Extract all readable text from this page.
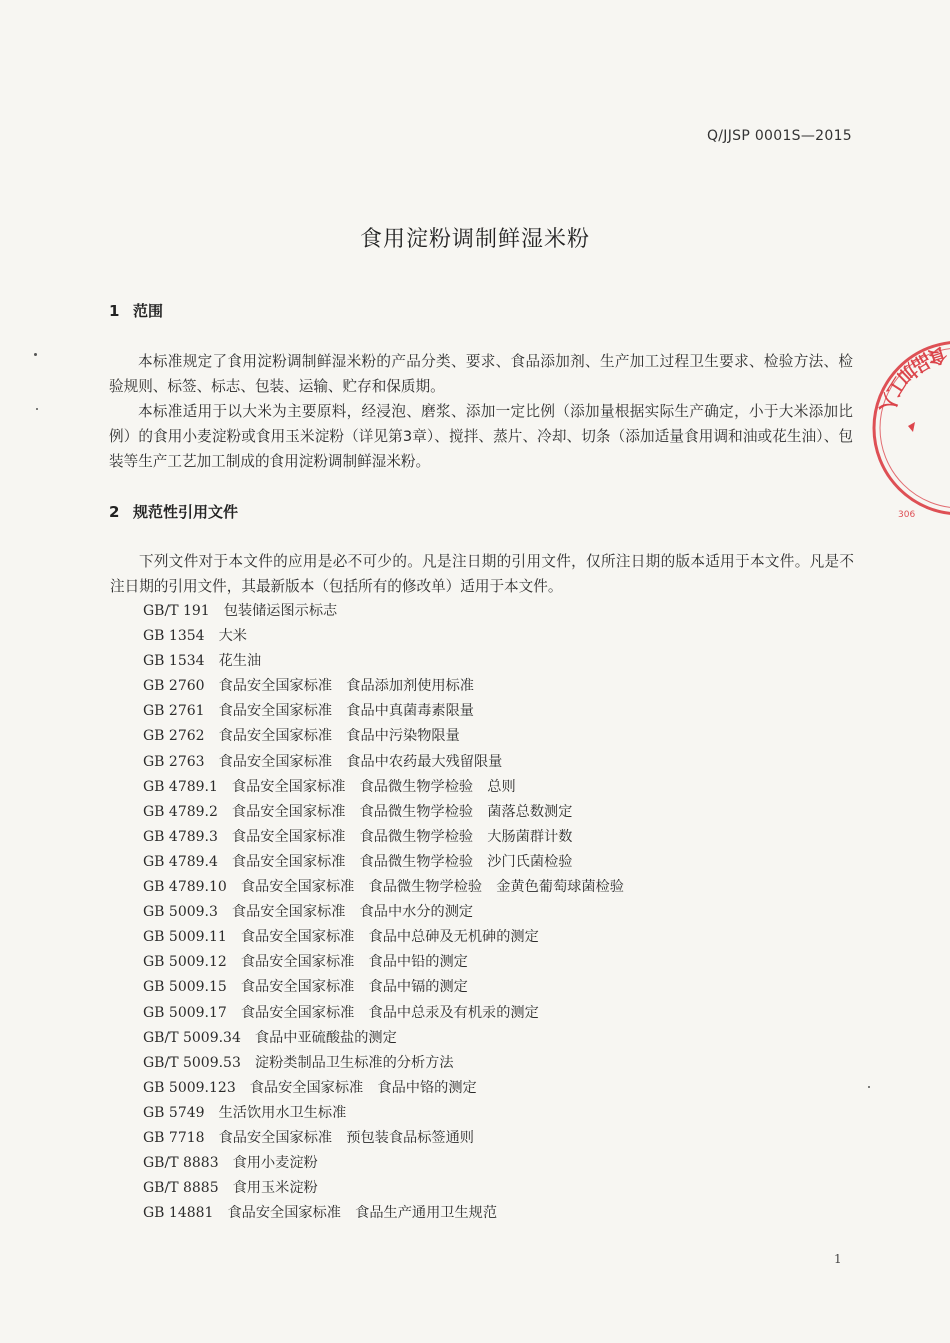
Q/JJSP 0001S—2015
食用淀粉调制鲜湿米粉
1 范围
本标准规定了食用淀粉调制鲜湿米粉的产品分类、要求、食品添加剂、生产加工过程卫生要求、检验方法、检验规则、标签、标志、包装、运输、贮存和保质期。
本标准适用于以大米为主要原料，经浸泡、磨浆、添加一定比例（添加量根据实际生产确定，小于大米添加比例）的食用小麦淀粉或食用玉米淀粉（详见第3章）、搅拌、蒸片、冷却、切条（添加适量食用调和油或花生油）、包装等生产工艺加工制成的食用淀粉调制鲜湿米粉。
2 规范性引用文件
下列文件对于本文件的应用是必不可少的。凡是注日期的引用文件，仅所注日期的版本适用于本文件。凡是不注日期的引用文件，其最新版本（包括所有的修改单）适用于本文件。
GB/T 191 包装储运图示标志
GB 1354 大米
GB 1534 花生油
GB 2760 食品安全国家标准　食品添加剂使用标准
GB 2761 食品安全国家标准　食品中真菌毒素限量
GB 2762 食品安全国家标准　食品中污染物限量
GB 2763 食品安全国家标准　食品中农药最大残留限量
GB 4789.1 食品安全国家标准　食品微生物学检验　总则
GB 4789.2 食品安全国家标准　食品微生物学检验　菌落总数测定
GB 4789.3 食品安全国家标准　食品微生物学检验　大肠菌群计数
GB 4789.4 食品安全国家标准　食品微生物学检验　沙门氏菌检验
GB 4789.10 食品安全国家标准　食品微生物学检验　金黄色葡萄球菌检验
GB 5009.3 食品安全国家标准　食品中水分的测定
GB 5009.11 食品安全国家标准　食品中总砷及无机砷的测定
GB 5009.12 食品安全国家标准　食品中铅的测定
GB 5009.15 食品安全国家标准　食品中镉的测定
GB 5009.17 食品安全国家标准　食品中总汞及有机汞的测定
GB/T 5009.34 食品中亚硫酸盐的测定
GB/T 5009.53 淀粉类制品卫生标准的分析方法
GB 5009.123 食品安全国家标准　食品中铬的测定
GB 5749 生活饮用水卫生标准
GB 7718 食品安全国家标准　预包装食品标签通则
GB/T 8883 食用小麦淀粉
GB/T 8885 食用玉米淀粉
GB 14881 食品安全国家标准　食品生产通用卫生规范
食品加工人
306
1
